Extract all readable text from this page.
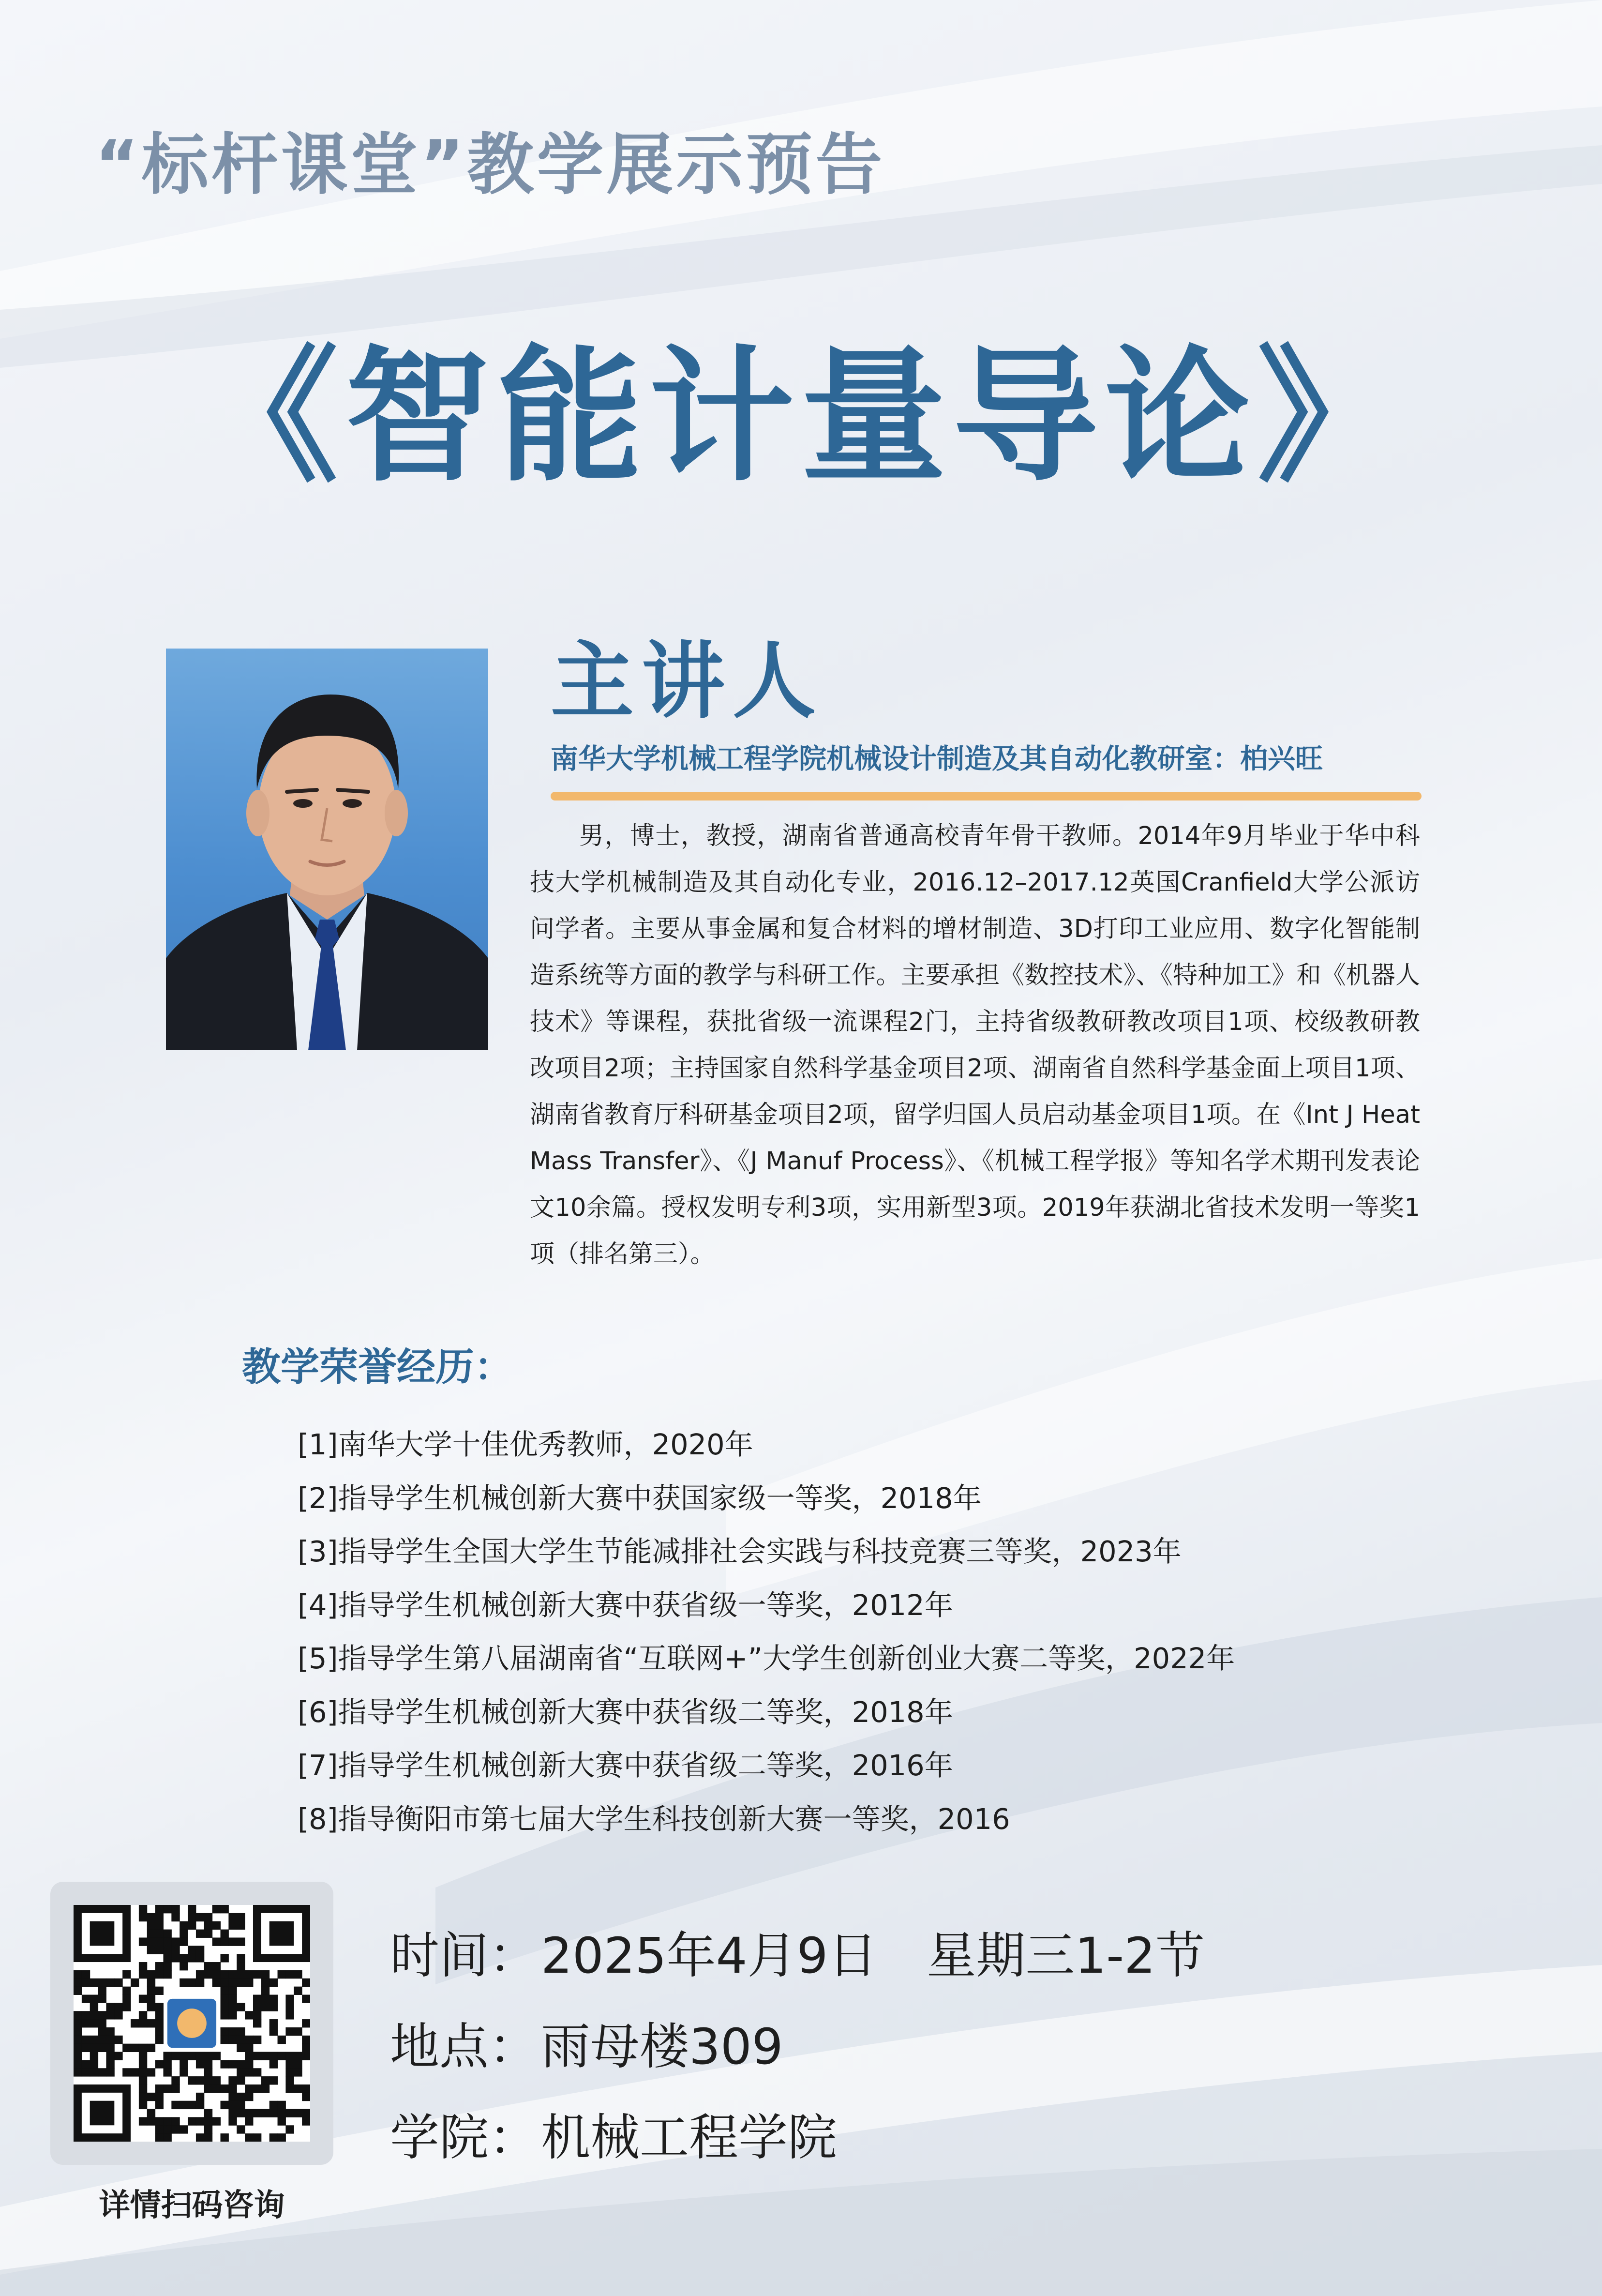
“标杆课堂”教学展示预告
《智能计量导论》
主讲人
南华大学机械工程学院机械设计制造及其自动化教研室：柏兴旺
男，博士，教授，湖南省普通高校青年骨干教师。2014年9月毕业于华中科技大学机械制造及其自动化专业，2016.12–2017.12英国Cranfield大学公派访问学者。主要从事金属和复合材料的增材制造、3D打印工业应用、数字化智能制造系统等方面的教学与科研工作。主要承担《数控技术》、《特种加工》和《机器人技术》等课程，获批省级一流课程2门，主持省级教研教改项目1项、校级教研教改项目2项；主持国家自然科学基金项目2项、湖南省自然科学基金面上项目1项、湖南省教育厅科研基金项目2项，留学归国人员启动基金项目1项。在《Int J Heat Mass Transfer》、《J Manuf Process》、《机械工程学报》等知名学术期刊发表论文10余篇。授权发明专利3项，实用新型3项。2019年获湖北省技术发明一等奖1项（排名第三）。
教学荣誉经历：
[1]南华大学十佳优秀教师，2020年
[2]指导学生机械创新大赛中获国家级一等奖，2018年
[3]指导学生全国大学生节能减排社会实践与科技竞赛三等奖，2023年
[4]指导学生机械创新大赛中获省级一等奖，2012年
[5]指导学生第八届湖南省“互联网+”大学生创新创业大赛二等奖，2022年
[6]指导学生机械创新大赛中获省级二等奖，2018年
[7]指导学生机械创新大赛中获省级二等奖，2016年
[8]指导衡阳市第七届大学生科技创新大赛一等奖，2016
详情扫码咨询
时间：2025年4月9日　星期三1-2节
地点：雨母楼309
学院：机械工程学院
